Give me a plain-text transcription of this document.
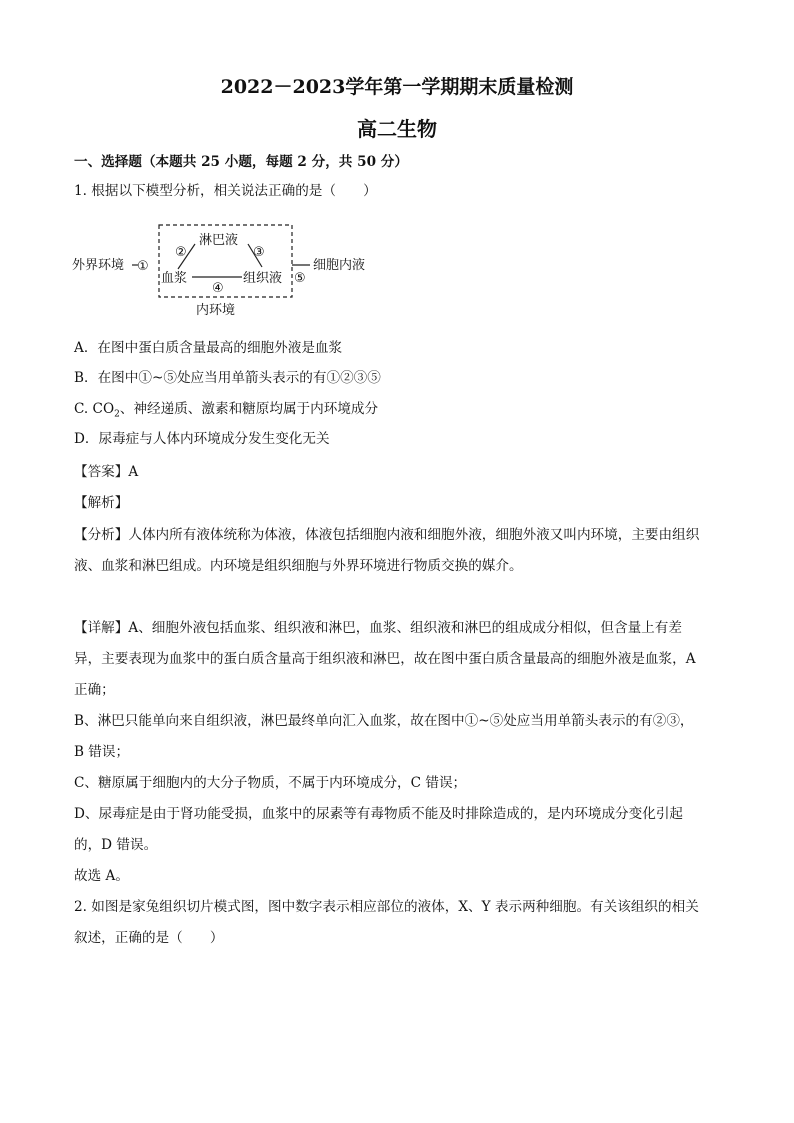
2022－2023学年第一学期期末质量检测
高二生物
一、选择题（本题共 25 小题，每题 2 分，共 50 分）
1. 根据以下模型分析，相关说法正确的是（　　）
外界环境 ①
血浆
淋巴液
组织液
②	③
④
⑤
细胞内液
内环境
A．在图中蛋白质含量最高的细胞外液是血浆
B．在图中①~⑤处应当用单箭头表示的有①②③⑤
C. $CO_2$、神经递质、激素和糖原均属于内环境成分
D．尿毒症与人体内环境成分发生变化无关
【答案】A
【解析】
【分析】人体内所有液体统称为体液，体液包括细胞内液和细胞外液，细胞外液又叫内环境，主要由组织
液、血浆和淋巴组成。内环境是组织细胞与外界环境进行物质交换的媒介。
【详解】A、细胞外液包括血浆、组织液和淋巴，血浆、组织液和淋巴的组成成分相似，但含量上有差
异，主要表现为血浆中的蛋白质含量高于组织液和淋巴，故在图中蛋白质含量最高的细胞外液是血浆，A
正确；
B、淋巴只能单向来自组织液，淋巴最终单向汇入血浆，故在图中①~⑤处应当用单箭头表示的有②③，
B 错误；
C、糖原属于细胞内的大分子物质，不属于内环境成分，C 错误；
D、尿毒症是由于肾功能受损，血浆中的尿素等有毒物质不能及时排除造成的，是内环境成分变化引起
的，D 错误。
故选 A。
2. 如图是家兔组织切片模式图，图中数字表示相应部位的液体，X、Y 表示两种细胞。有关该组织的相关
叙述，正确的是（　　）
